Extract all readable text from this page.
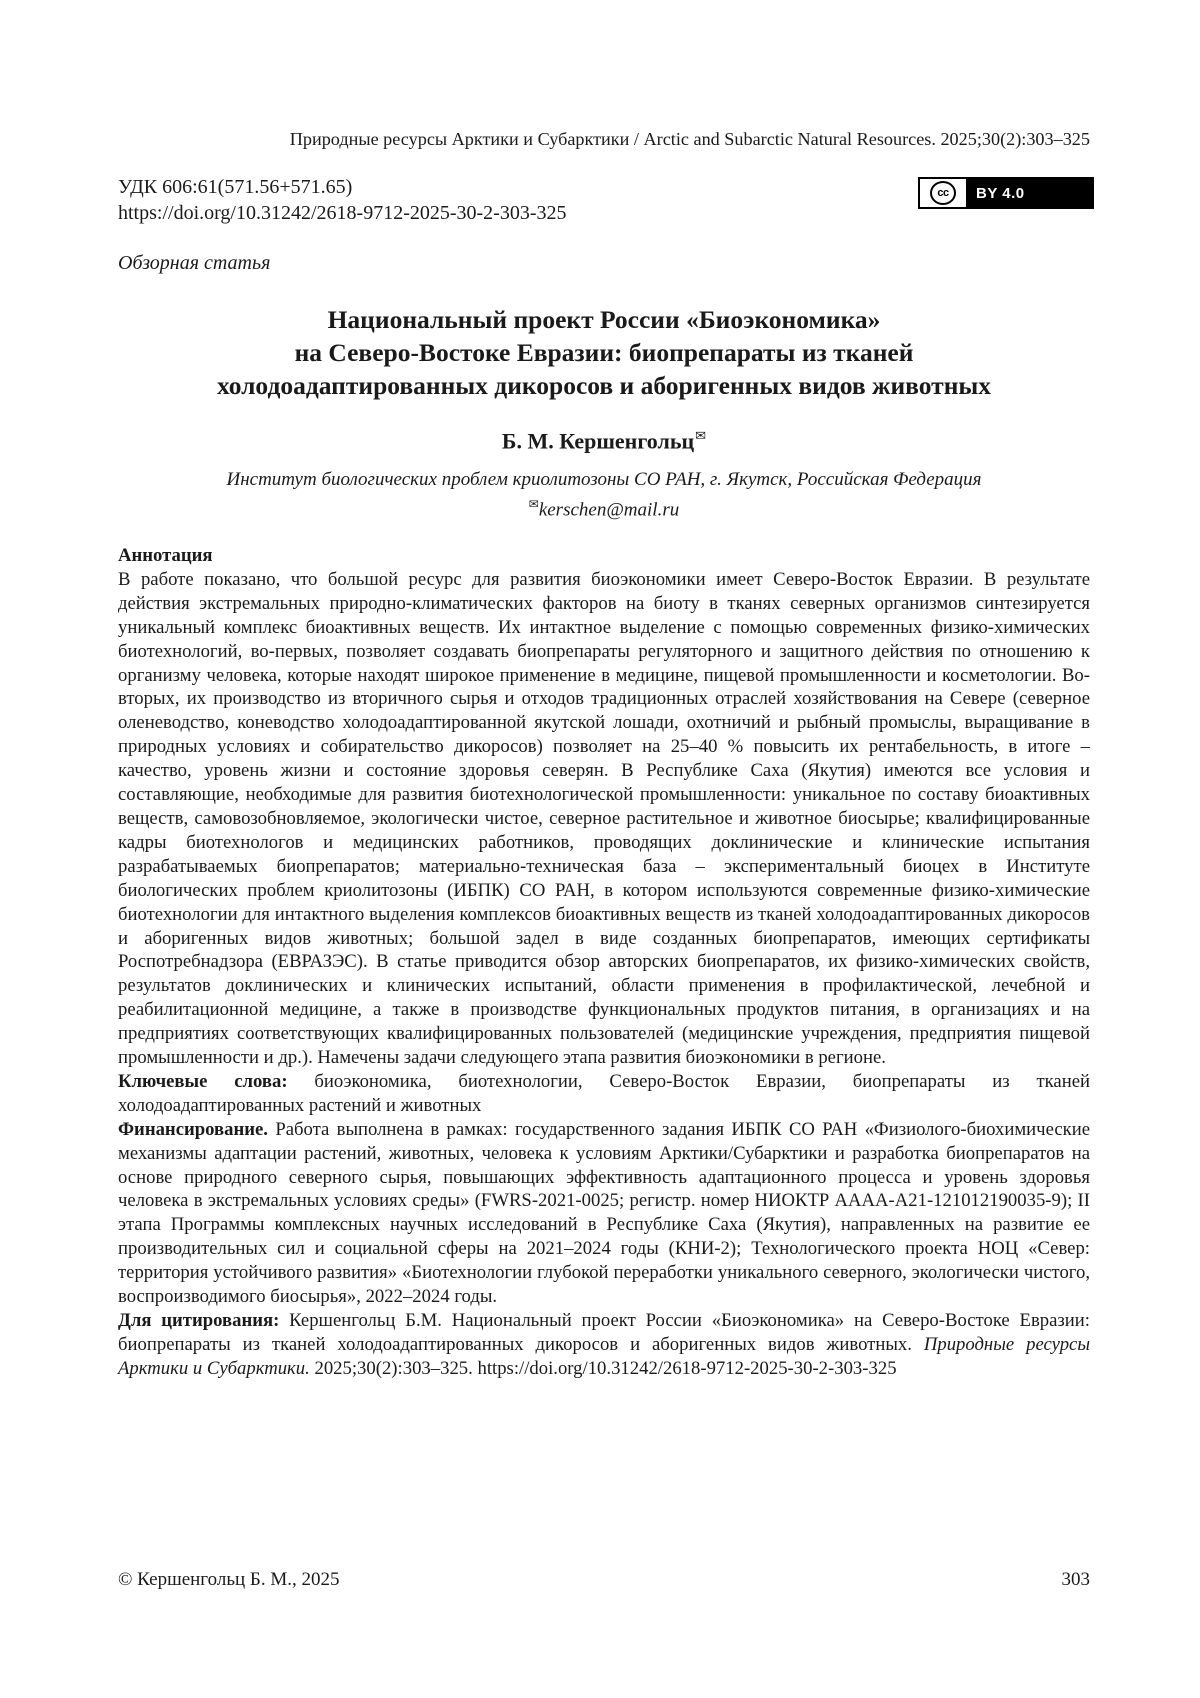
Природные ресурсы Арктики и Субарктики / Arctic and Subarctic Natural Resources. 2025;30(2):303–325
УДК 606:61(571.56+571.65)
https://doi.org/10.31242/2618-9712-2025-30-2-303-325
cc	BY 4.0
Обзорная статья
Национальный проект России «Биоэкономика»
на Северо-Востоке Евразии: биопрепараты из тканей
холодоадаптированных дикоросов и аборигенных видов животных
Б. М. Кершенгольц✉
Институт биологических проблем криолитозоны СО РАН, г. Якутск, Российская Федерация
✉kerschen@mail.ru

Аннотация

В работе показано, что большой ресурс для развития биоэкономики имеет Северо-Восток Евразии. В результате действия экстремальных природно-климатических факторов на биоту в тканях северных организмов синтезируется уникальный комплекс биоактивных веществ. Их интактное выделение с помощью современных физико-химических биотехнологий, во-первых, позволяет создавать биопрепараты регуляторного и защитного действия по отношению к организму человека, которые находят широкое применение в медицине, пищевой промышленности и косметологии. Во-вторых, их производство из вторичного сырья и отходов традиционных отраслей хозяйствования на Севере (северное оленеводство, коневодство холодоадаптированной якутской лошади, охотничий и рыбный промыслы, выращивание в природных условиях и собирательство дикоросов) позволяет на 25–40 % повысить их рентабельность, в итоге – качество, уровень жизни и состояние здоровья северян. В Республике Саха (Якутия) имеются все условия и составляющие, необходимые для развития биотехнологической промышленности: уникальное по составу биоактивных веществ, самовозобновляемое, экологически чистое, северное растительное и животное биосырье; квалифицированные кадры биотехнологов и медицинских работников, проводящих доклинические и клинические испытания разрабатываемых биопрепаратов; материально-техническая база – экспериментальный биоцех в Институте биологических проблем криолитозоны (ИБПК) СО РАН, в котором используются современные физико-химические биотехнологии для интактного выделения комплексов биоактивных веществ из тканей холодоадаптированных дикоросов и аборигенных видов животных; большой задел в виде созданных биопрепаратов, имеющих сертификаты Роспотребнадзора (ЕВРАЗЭС). В статье приводится обзор авторских биопрепаратов, их физико-химических свойств, результатов доклинических и клинических испытаний, области применения в профилактической, лечебной и реабилитационной медицине, а также в производстве функциональных продуктов питания, в организациях и на предприятиях соответствующих квалифицированных пользователей (медицинские учреждения, предприятия пищевой промышленности и др.). Намечены задачи следующего этапа развития биоэкономики в регионе.

Ключевые слова: биоэкономика, биотехнологии, Северо-Восток Евразии, биопрепараты из тканей холодоадаптированных растений и животных

Финансирование. Работа выполнена в рамках: государственного задания ИБПК СО РАН «Физиолого-биохимические механизмы адаптации растений, животных, человека к условиям Арктики/Субарктики и разработка биопрепаратов на основе природного северного сырья, повышающих эффективность адаптационного процесса и уровень здоровья человека в экстремальных условиях среды» (FWRS-2021-0025; регистр. номер НИОКТР АААА-А21-121012190035-9); II этапа Программы комплексных научных исследований в Республике Саха (Якутия), направленных на развитие ее производительных сил и социальной сферы на 2021–2024 годы (КНИ-2); Технологического проекта НОЦ «Север: территория устойчивого развития» «Биотехнологии глубокой переработки уникального северного, экологически чистого, воспроизводимого биосырья», 2022–2024 годы.

Для цитирования: Кершенгольц Б.М. Национальный проект России «Биоэкономика» на Северо-Востоке Евразии: биопрепараты из тканей холодоадаптированных дикоросов и аборигенных видов животных. Природные ресурсы Арктики и Субарктики. 2025;30(2):303–325. https://doi.org/10.31242/2618-9712-2025-30-2-303-325

© Кершенгольц Б. М., 2025	303
